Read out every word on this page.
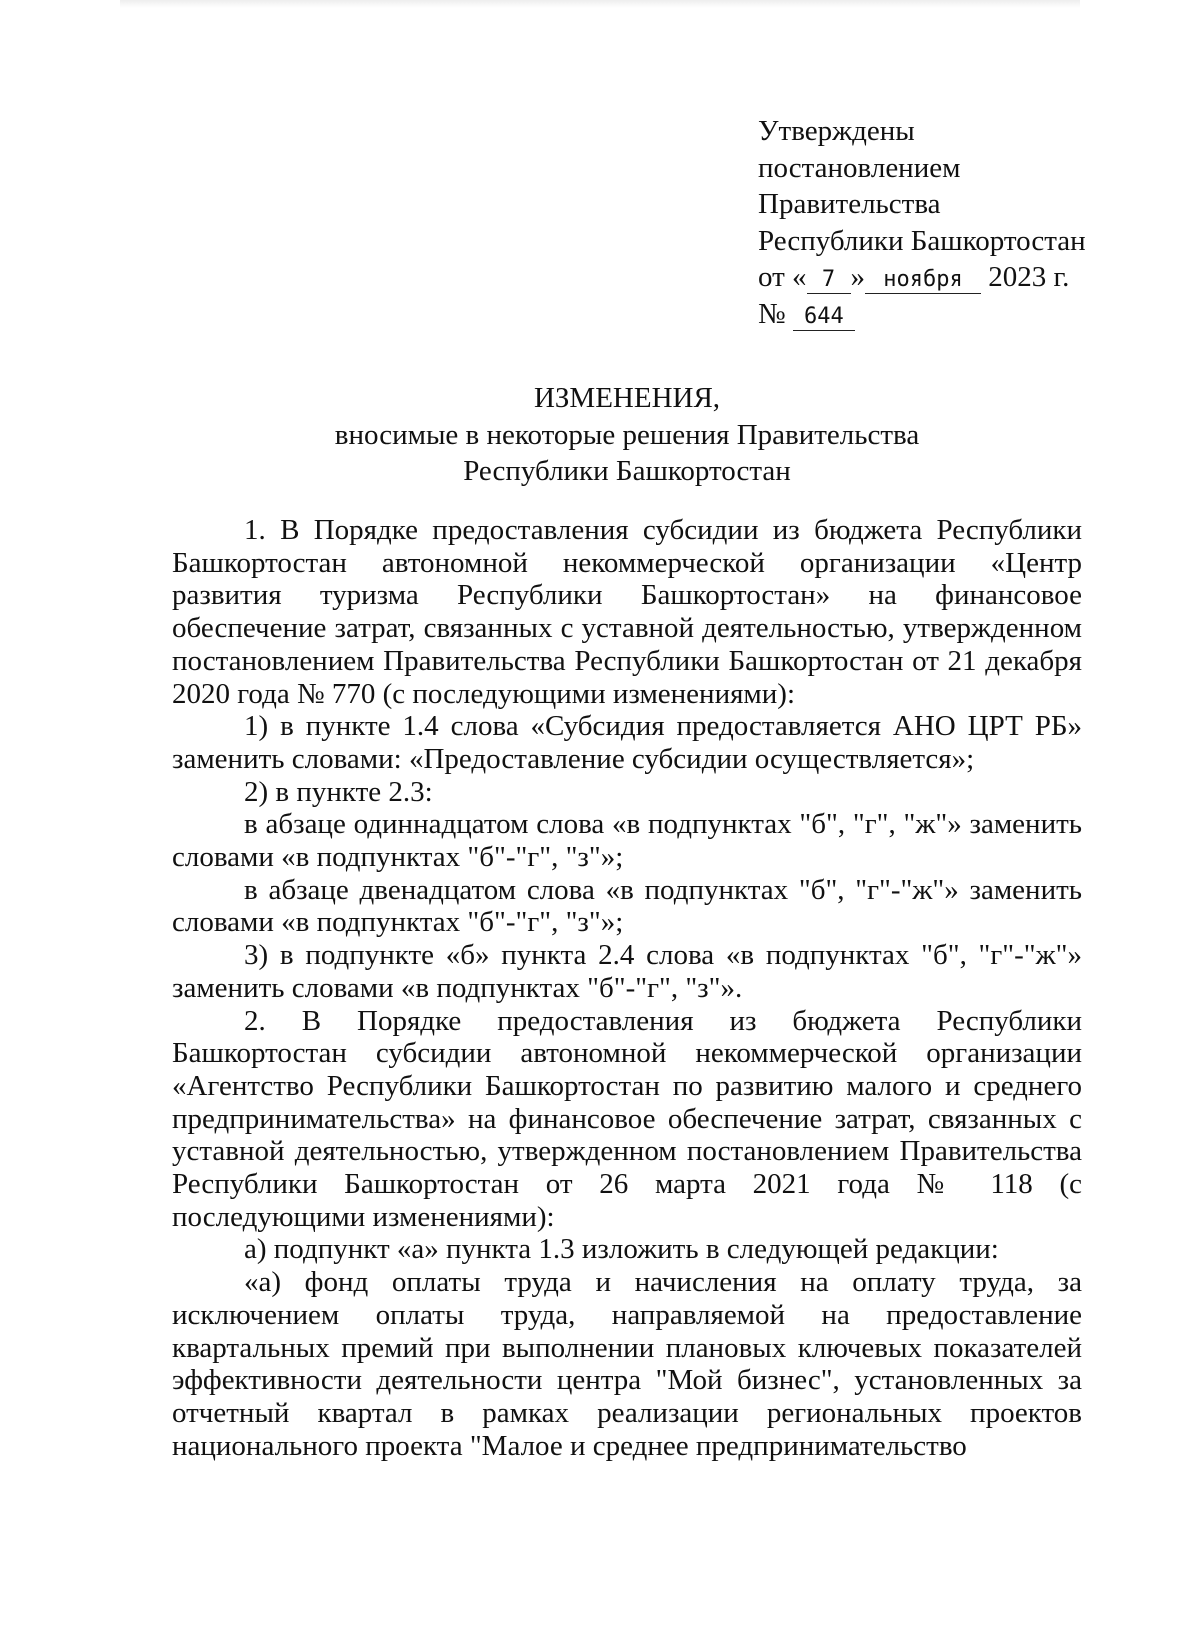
Утверждены
постановлением
Правительства
Республики Башкортостан
от « 7 » ноября 2023 г.
№ 644
ИЗМЕНЕНИЯ,
вносимые в некоторые решения Правительства
Республики Башкортостан

1. В Порядке предоставления субсидии из бюджета Республики Башкортостан автономной некоммерческой организации «Центр развития туризма Республики Башкортостан» на финансовое обеспечение затрат, связанных с уставной деятельностью, утвержденном постановлением Правительства Республики Башкортостан от 21 декабря 2020 года № 770 (с последующими изменениями):

1) в пункте 1.4 слова «Субсидия предоставляется АНО ЦРТ РБ» заменить словами: «Предоставление субсидии осуществляется»;

2) в пункте 2.3:

в абзаце одиннадцатом слова «в подпунктах "б", "г", "ж"» заменить словами «в подпунктах "б"-"г", "з"»;

в абзаце двенадцатом слова «в подпунктах "б", "г"-"ж"» заменить словами «в подпунктах "б"-"г", "з"»;

3) в подпункте «б» пункта 2.4 слова «в подпунктах "б", "г"-"ж"» заменить словами «в подпунктах "б"-"г", "з"».

2. В Порядке предоставления из бюджета Республики Башкортостан субсидии автономной некоммерческой организации «Агентство Республики Башкортостан по развитию малого и среднего предпринимательства» на финансовое обеспечение затрат, связанных с уставной деятельностью, утвержденном постановлением Правительства Республики Башкортостан от 26 марта 2021 года № 118 (с последующими изменениями):

а) подпункт «а» пункта 1.3 изложить в следующей редакции:

«а) фонд оплаты труда и начисления на оплату труда, за исключением оплаты труда, направляемой на предоставление квартальных премий при выполнении плановых ключевых показателей эффективности деятельности центра "Мой бизнес", установленных за отчетный квартал в рамках реализации региональных проектов национального проекта "Малое и среднее предпринимательство
